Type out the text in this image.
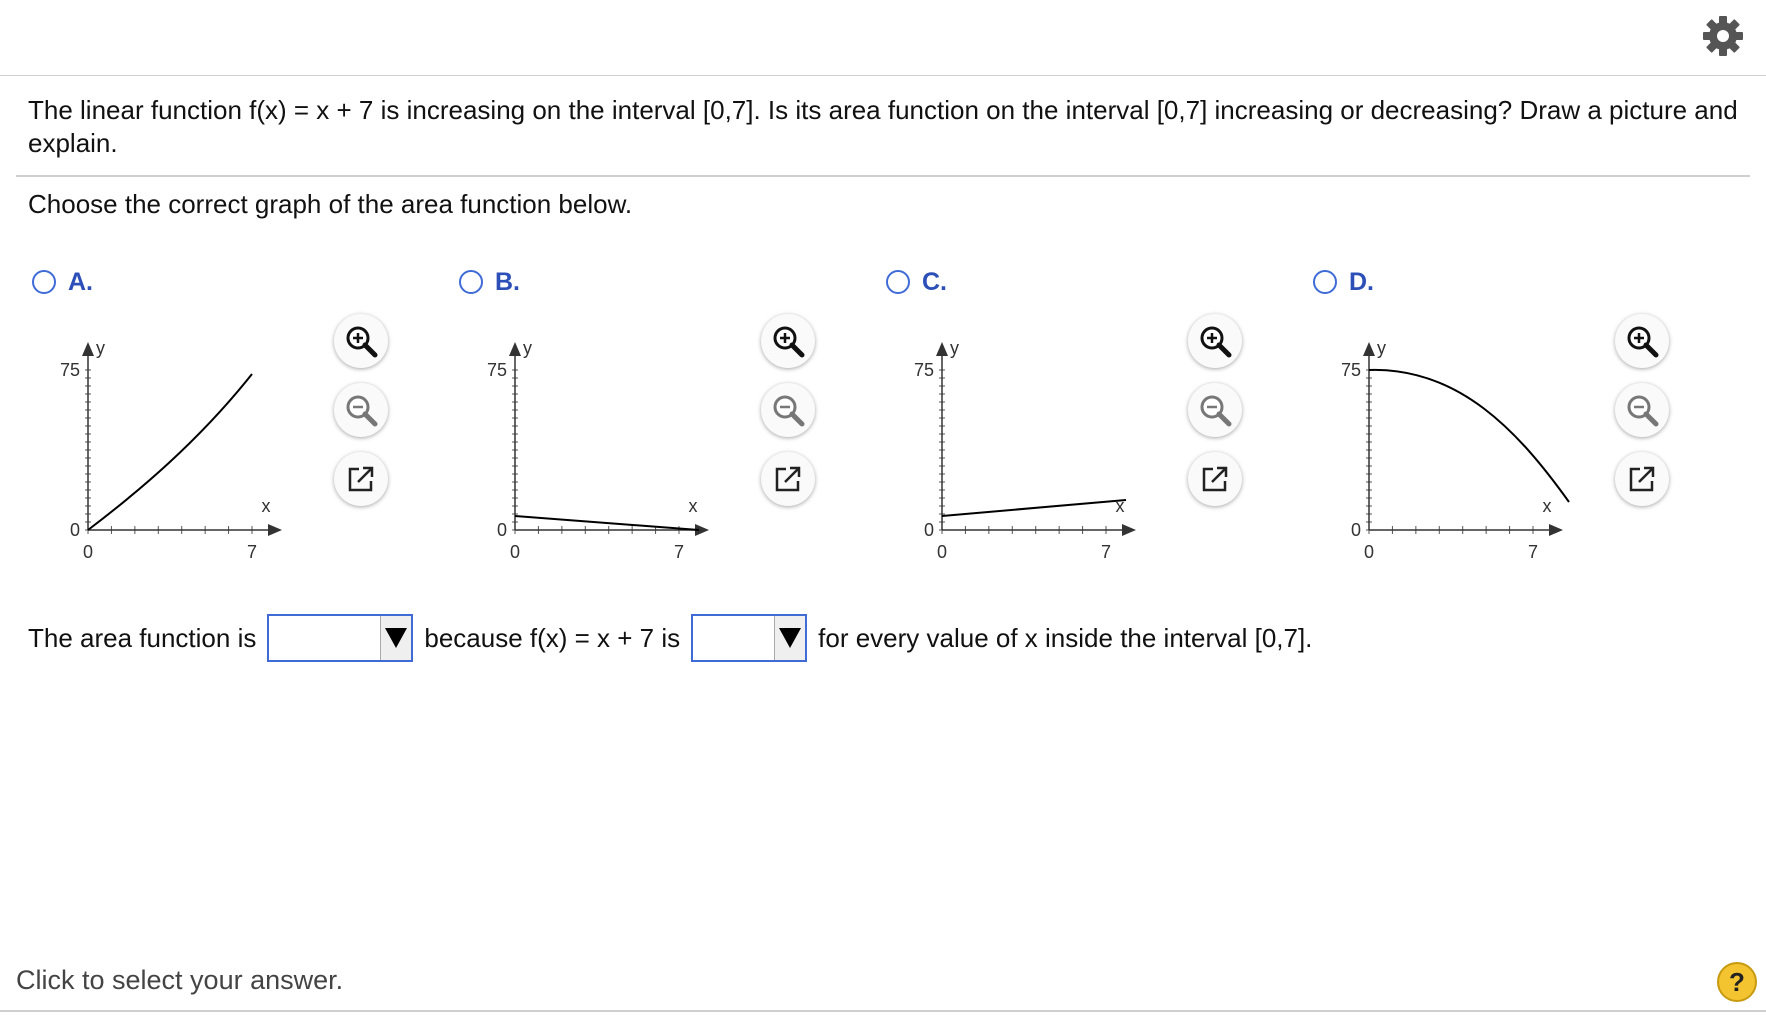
The linear function f(x) = x + 7 is increasing on the interval [0,7]. Is its area function on the interval [0,7] increasing or decreasing? Draw a picture and explain.
Choose the correct graph of the area function below.
A.
y
75
0
0	7
x
B.
y
75
0
0	7
x
C.
y
75
0
0	7
x
D.
y
75
0
0	7
x
The area function is	because f(x) = x + 7 is	for every value of x inside the interval [0,7].
Click to select your answer.	?
